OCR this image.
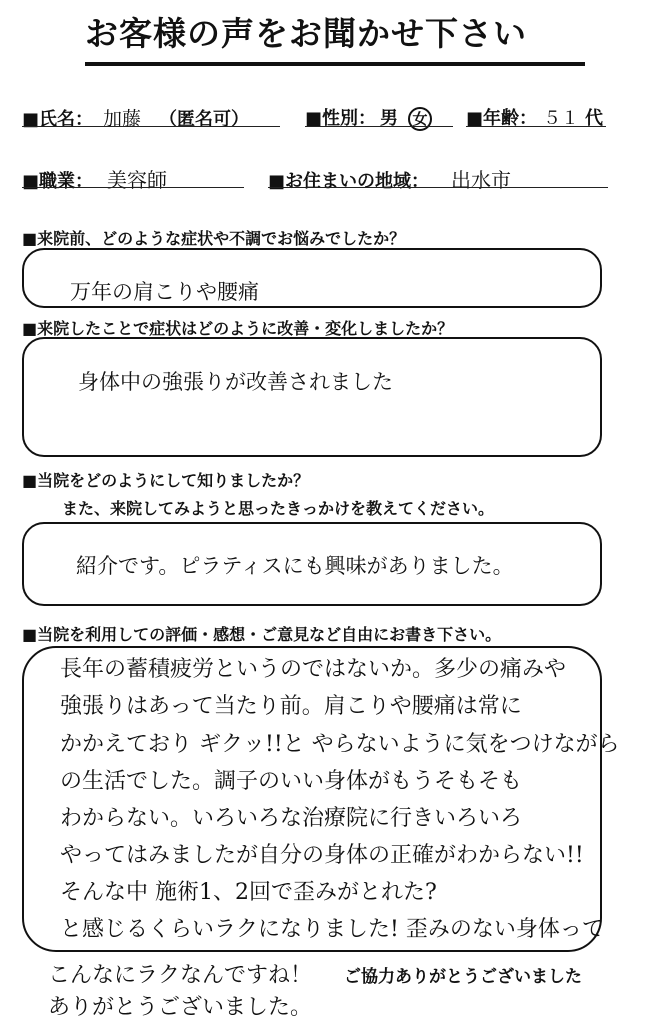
お客様の声をお聞かせ下さい
■氏名： 加藤 （匿名可）	■性別： 男 女 ■年齢： ５１ 代
■職業： 美容師	■お住まいの地域： 出水市
■来院前、どのような症状や不調でお悩みでしたか？
万年の肩こりや腰痛
■来院したことで症状はどのように改善・変化しましたか？
身体中の強張りが改善されました
■当院をどのようにして知りましたか？
また、来院してみようと思ったきっかけを教えてください。
紹介です。ピラティスにも興味がありました。
■当院を利用しての評価・感想・ご意見など自由にお書き下さい。
長年の蓄積疲労というのではないか。多少の痛みや
強張りはあって当たり前。肩こりや腰痛は常に
かかえており ギクッ!!と やらないように気をつけながら
の生活でした。調子のいい身体がもうそもそも
わからない。いろいろな治療院に行きいろいろ
やってはみましたが自分の身体の正確がわからない!!
そんな中 施術1、2回で歪みがとれた?
と感じるくらいラクになりました! 歪みのない身体って
こんなにラクなんですね！
ありがとうございました。
ご協力ありがとうございました
